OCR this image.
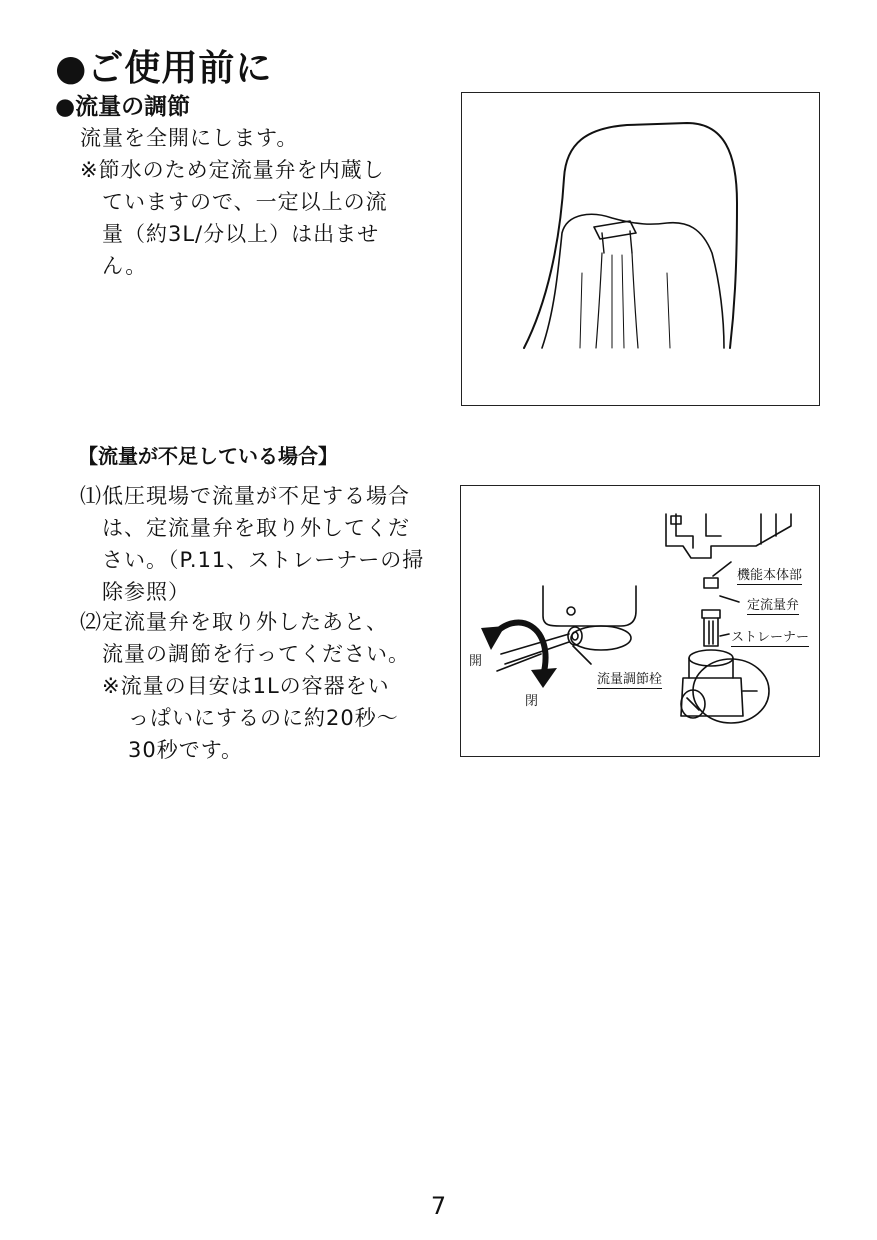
●ご使用前に
●流量の調節
流量を全開にします。
※節水のため定流量弁を内蔵し
ていますので、一定以上の流
量（約3L/分以上）は出ませ
ん。
【流量が不足している場合】
⑴低圧現場で流量が不足する場合
は、定流量弁を取り外してくだ
さい。（P.11、ストレーナーの掃
除参照）
⑵定流量弁を取り外したあと、
流量の調節を行ってください。
※流量の目安は1Lの容器をい
っぱいにするのに約20秒～
30秒です。
開
閉
流量調節栓
機能本体部
定流量弁
ストレーナー
7
